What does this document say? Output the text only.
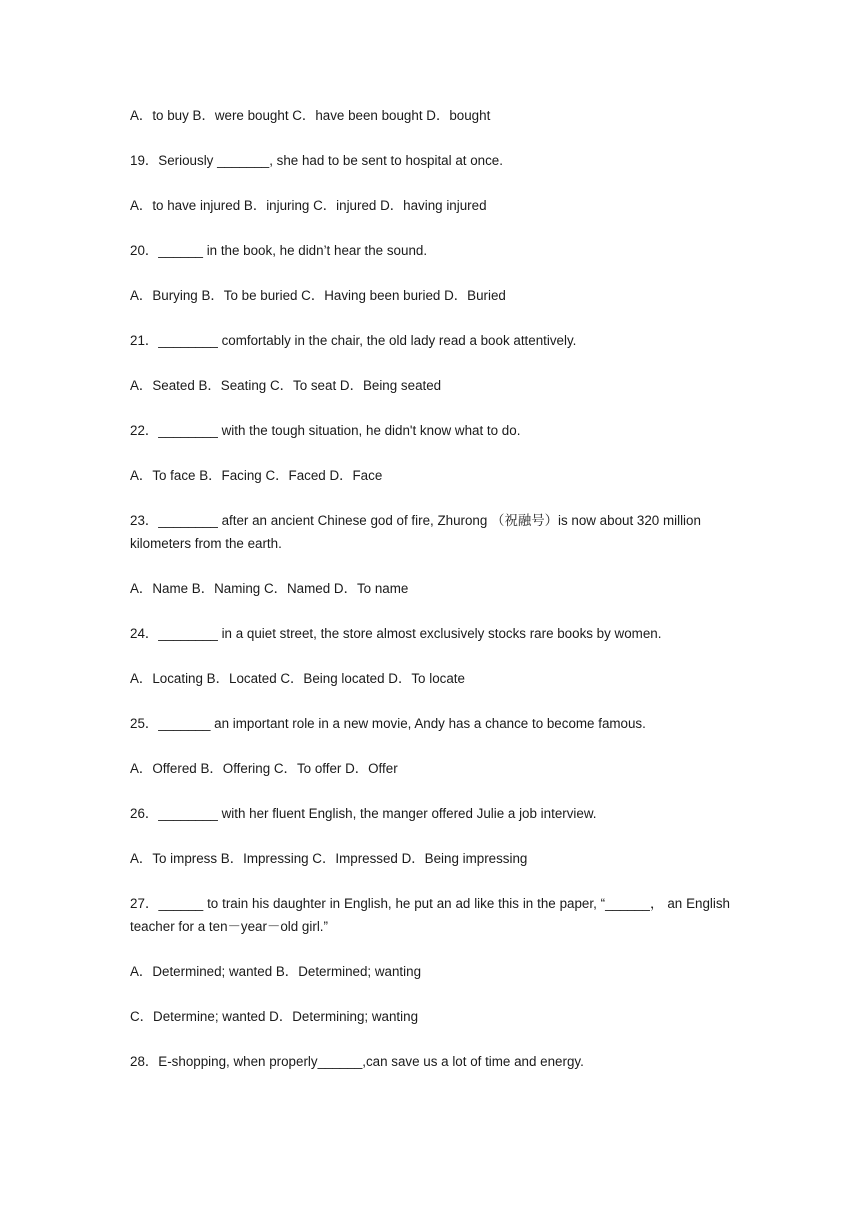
A．to buy B．were bought C．have been bought D．bought
19．Seriously _______, she had to be sent to hospital at once.
A．to have injured B．injuring C．injured D．having injured
20．______ in the book, he didn’t hear the sound.
A．Burying B．To be buried C．Having been buried D．Buried
21．________ comfortably in the chair, the old lady read a book attentively.
A．Seated B．Seating C．To seat D．Being seated
22．________ with the tough situation, he didn't know what to do.
A．To face B．Facing C．Faced D．Face
23．________ after an ancient Chinese god of fire, Zhurong （祝融号）is now about 320 million kilometers from the earth.
A．Name B．Naming C．Named D．To name
24．________ in a quiet street, the store almost exclusively stocks rare books by women.
A．Locating B．Located C．Being located D．To locate
25．_______ an important role in a new movie, Andy has a chance to become famous.
A．Offered B．Offering C．To offer D．Offer
26．________ with her fluent English, the manger offered Julie a job interview.
A．To impress B．Impressing C．Impressed D．Being impressing
27．______ to train his daughter in English, he put an ad like this in the paper, “______， an English teacher for a ten－year－old girl.”
A．Determined; wanted B．Determined; wanting
C．Determine; wanted D．Determining; wanting
28．E-shopping, when properly______,can save us a lot of time and energy.
